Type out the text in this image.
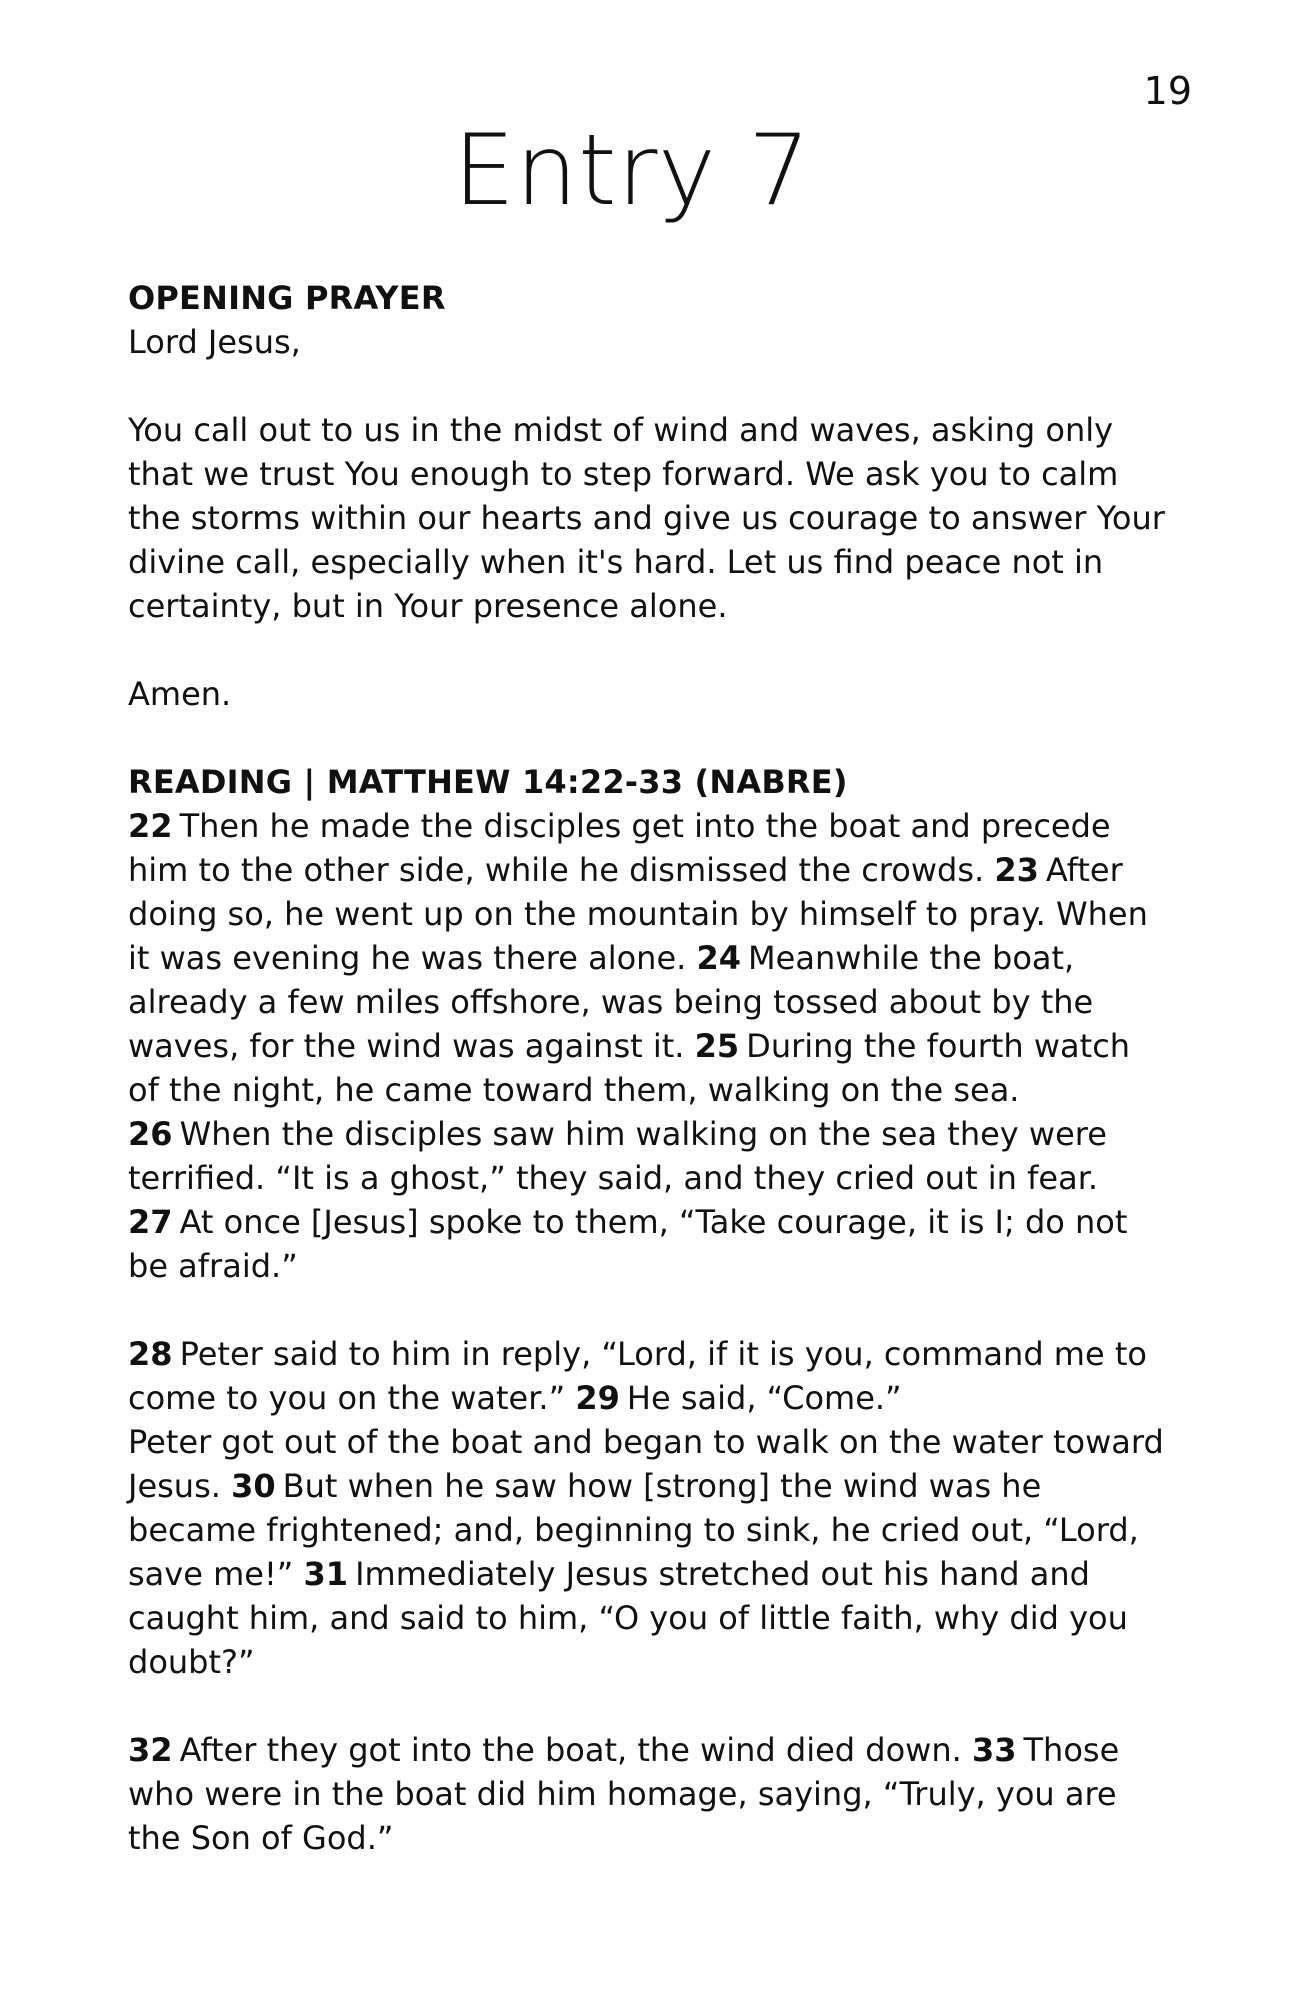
19
Entry 7

OPENING PRAYER

Lord Jesus,

You call out to us in the midst of wind and waves, asking only that we trust You enough to step forward. We ask you to calm the storms within our hearts and give us courage to answer Your divine call, especially when it's hard. Let us find peace not in certainty, but in Your presence alone.

Amen.

READING | MATTHEW 14:22-33 (NABRE)

22 Then he made the disciples get into the boat and precede him to the other side, while he dismissed the crowds. 23 After doing so, he went up on the mountain by himself to pray. When it was evening he was there alone. 24 Meanwhile the boat, already a few miles offshore, was being tossed about by the waves, for the wind was against it. 25 During the fourth watch of the night, he came toward them, walking on the sea. 26 When the disciples saw him walking on the sea they were terrified. “It is a ghost,” they said, and they cried out in fear. 27 At once [Jesus] spoke to them, “Take courage, it is I; do not be afraid.”

28 Peter said to him in reply, “Lord, if it is you, command me to come to you on the water.” 29 He said, “Come.”
Peter got out of the boat and began to walk on the water toward Jesus. 30 But when he saw how [strong] the wind was he became frightened; and, beginning to sink, he cried out, “Lord, save me!” 31 Immediately Jesus stretched out his hand and caught him, and said to him, “O you of little faith, why did you doubt?”

32 After they got into the boat, the wind died down. 33 Those who were in the boat did him homage, saying, “Truly, you are the Son of God.”
